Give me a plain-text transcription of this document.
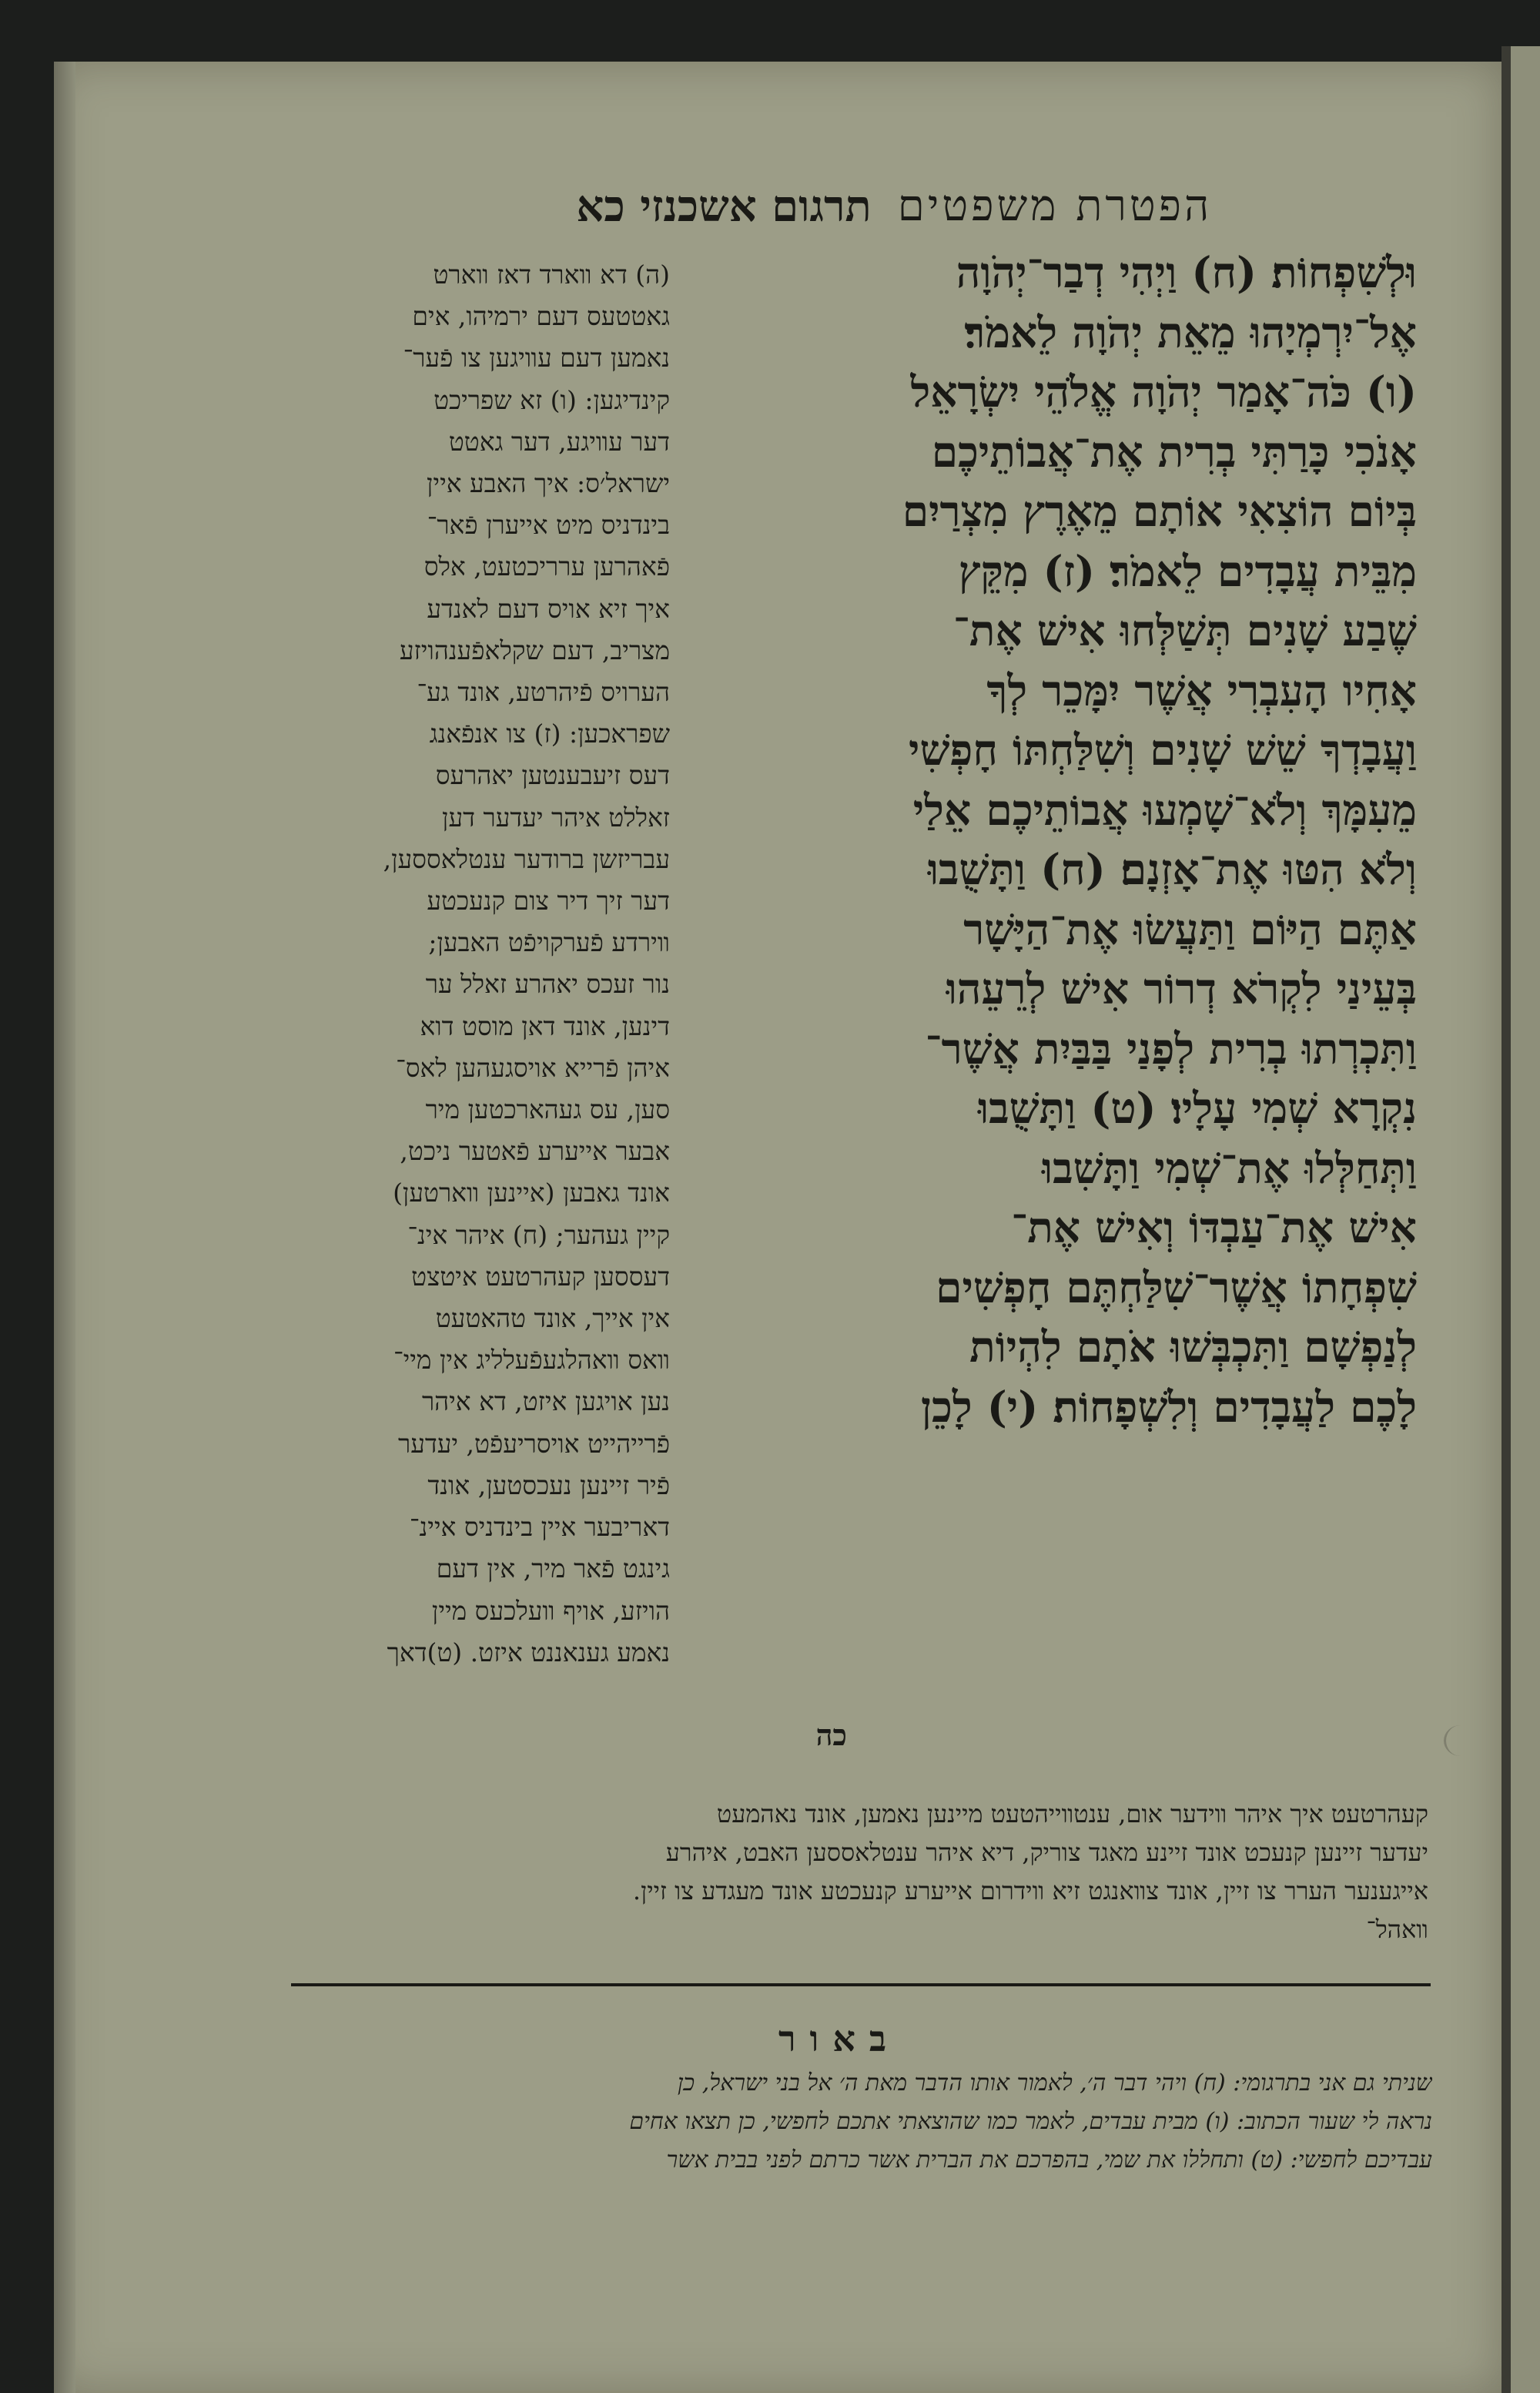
תרגום אשכנזי כא הפטרת משפטים
(ה) דא װארד דאז װארט
גאטטעס דעם ירמיהו, אים
נאמען דעם עװיגען צו פֿער־
קינדיגען: (ו) זא שפריכט
דער עװיגע, דער גאטט
ישראל׳ס: איך האבע איין
בינדניס מיט אייערן פֿאר־
פֿאהרען ערריכטעט, אלס
איך זיא אויס דעם לאנדע
מצריב, דעם שקלאפֿענהויזע
הערויס פֿיהרטע, אונד גע־
שפראכען: (ז) צו אנפֿאנג
דעס זיעבענטען יאהרעס
זאללט איהר יעדער דען
עבריזשן ברודער ענטלאססען,
דער זיך דיר צום קנעכטע
װירדע פֿערקויפֿט האבען;
נור זעכס יאהרע זאלל ער
דינען, אונד דאן מוסט דוא
איהן פֿרייא אויסגעהען לאס־
סען, עס געהארכטען מיר
אבער אייערע פֿאטער ניכט,
אונד גאבען (איינען װארטען)
קיין געהער; (ח) איהר אינ־
דעססען קעהרטעט איטצט
אין אייך, אונד טהאטעט
װאס װאהלגעפֿעלליג אין מיי־
נען אויגען איזט, דא איהר
פֿרייהייט אויסריעפֿט, יעדער
פֿיר זיינען נעכסטען, אונד
דאריבער איין בינדניס איינ־
גינגט פֿאר מיר, אין דעם
הויזע, אויף װעלכעס מיין
נאמע גענאננט איזט. (ט)דאך
וּלְשִׁפְחוֹת׃ (ח) וַיְהִי דְבַר־יְהֹוָה
אֶל־יִרְמְיָהוּ מֵאֵת יְהֹוָה לֵאמֹר׃
(ו) כֹּה־אָמַר יְהֹוָה אֱלֹהֵי יִשְׂרָאֵל
אָנֹכִי כָּרַתִּי בְרִית אֶת־אֲבוֹתֵיכֶם
בְּיוֹם הוֹצִאִי אוֹתָם מֵאֶרֶץ מִצְרַיִם
מִבֵּית עֲבָדִים לֵאמֹר׃ (ז) מִקֵּץ
שֶׁבַע שָׁנִים תְּשַׁלְּחוּ אִישׁ אֶת־
אָחִיו הָעִבְרִי אֲשֶׁר יִמָּכֵר לְךָ
וַעֲבָדְךָ שֵׁשׁ שָׁנִים וְשִׁלַּחְתּוֹ חָפְשִׁי
מֵעִמָּךְ וְלֹא־שָׁמְעוּ אֲבוֹתֵיכֶם אֵלַי
וְלֹא הִטּוּ אֶת־אָזְנָם׃ (ח) וַתָּשֻׁבוּ
אַתֶּם הַיּוֹם וַתַּעֲשׂוּ אֶת־הַיָּשָׁר
בְּעֵינַי לִקְרֹא דְרוֹר אִישׁ לְרֵעֵהוּ
וַתִּכְרְתוּ בְרִית לְפָנַי בַּבַּיִת אֲשֶׁר־
נִקְרָא שְׁמִי עָלָיו׃ (ט) וַתָּשֻׁבוּ
וַתְּחַלְּלוּ אֶת־שְׁמִי וַתָּשִׁבוּ
אִישׁ אֶת־עַבְדּוֹ וְאִישׁ אֶת־
שִׁפְחָתוֹ אֲשֶׁר־שִׁלַּחְתֶּם חָפְשִׁים
לְנַפְשָׁם וַתִּכְבְּשׁוּ אֹתָם לִהְיוֹת
לָכֶם לַעֲבָדִים וְלִשְׁפָחוֹת׃ (י) לָכֵן
כה
קעהרטעט איך איהר װידער אום, ענטװייהטעט מיינען נאמען, אונד נאהמעט
יעדער זיינען קנעכט אונד זיינע מאגד צוריק, דיא איהר ענטלאססען האבט, איהרע
אייגענער הערר צו זיין, אונד צװאנגט זיא װידרום אייערע קנעכטע אונד מעגדע צו זיין.
װאהל־
באור
שניתי גם אני בתרגומי: (ח) ויהי דבר ה׳, לאמור אותו הדבר מאת ה׳ אל בני ישראל, כן
נראה לי שעור הכתוב: (ו) מבית עבדים, לאמר כמו שהוצאתי אתכם לחפשי, כן תצאו אחים
עבדיכם לחפשי: (ט) ותחללו את שמי, בהפרכם את הברית אשר כרתם לפני בבית אשר
